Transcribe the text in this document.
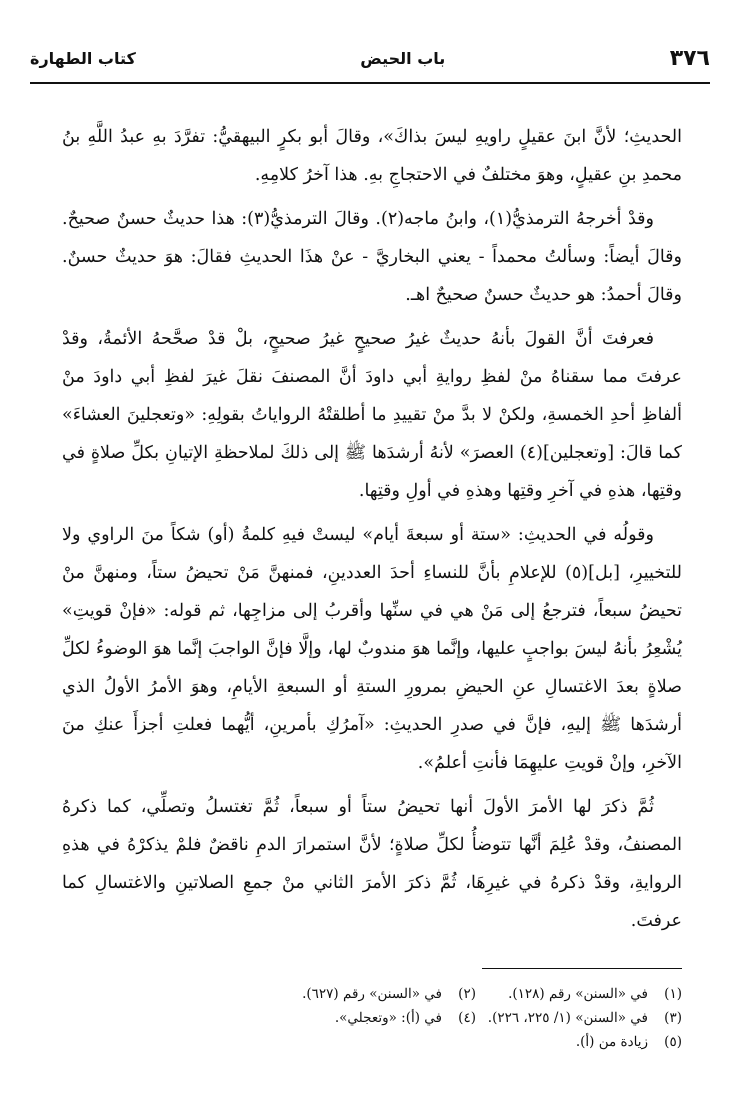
٣٧٦
باب الحيض
كتاب الطهارة

الحديثِ؛ لأنَّ ابنَ عقيلٍ راويهِ ليسَ بذاكَ»، وقالَ أبو بكرٍ البيهقيُّ: تفرَّدَ بهِ عبدُ اللَّهِ بنُ محمدِ بنِ عقيلٍ، وهوَ مختلفٌ في الاحتجاجِ بهِ. هذا آخرُ كلامِهِ.

وقدْ أخرجهُ الترمذيُّ(١)، وابنُ ماجه(٢). وقالَ الترمذيُّ(٣): هذا حديثٌ حسنٌ صحيحٌ. وقالَ أيضاً: وسألتُ محمداً - يعني البخاريَّ - عنْ هذَا الحديثِ فقالَ: هوَ حديثٌ حسنٌ. وقالَ أحمدُ: هو حديثٌ حسنٌ صحيحٌ اهـ.

فعرفتَ أنَّ القولَ بأنهُ حديثٌ غيرُ صحيحٍ غيرُ صحيحٍ، بلْ قدْ صحَّحهُ الأئمةُ، وقدْ عرفتَ مما سقناهُ منْ لفظِ روايةِ أبي داودَ أنَّ المصنفَ نقلَ غيرَ لفظِ أبي داودَ منْ ألفاظِ أحدِ الخمسةِ، ولكنْ لا بدَّ منْ تقييدِ ما أطلقتْهُ الرواياتُ بقولِهِ: «وتعجلينَ العشاءَ» كما قالَ: [وتعجلين](٤) العصرَ» لأنهُ أرشدَها ﷺ إلى ذلكَ لملاحظةِ الإتيانِ بكلِّ صلاةٍ في وقتِها، هذهِ في آخرِ وقتِها وهذهِ في أولِ وقتِها.

وقولُه في الحديثِ: «ستة أو سبعةَ أيام» ليستْ فيهِ كلمةُ (أو) شكاً منَ الراوي ولا للتخييرِ، [بل](٥) للإعلامِ بأنَّ للنساءِ أحدَ العددينِ، فمنهنَّ مَنْ تحيضُ ستاً، ومنهنَّ منْ تحيضُ سبعاً، فترجعُ إلى مَنْ هي في سنِّها وأقربُ إلى مزاجِها، ثم قوله: «فإنْ قويتِ» يُشْعِرُ بأنهُ ليسَ بواجبٍ عليها، وإنَّما هوَ مندوبٌ لها، وإلَّا فإنَّ الواجبَ إنَّما هوَ الوضوءُ لكلِّ صلاةٍ بعدَ الاغتسالِ عنِ الحيضِ بمرورِ الستةِ أو السبعةِ الأيامِ، وهوَ الأمرُ الأولُ الذي أرشدَها ﷺ إليهِ، فإنَّ في صدرِ الحديثِ: «آمرُكِ بأمرينِ، أيُّهما فعلتِ أجزأَ عنكِ منَ الآخرِ، وإنْ قويتِ عليهِمَا فأنتِ أعلمُ».

ثُمَّ ذكرَ لها الأمرَ الأولَ أنها تحيضُ ستاً أو سبعاً، ثُمَّ تغتسلُ وتصلِّي، كما ذكرهُ المصنفُ، وقدْ عُلِمَ أنَّها تتوضأُ لكلِّ صلاةٍ؛ لأنَّ استمرارَ الدمِ ناقضٌ فلمْ يذكرْهُ في هذهِ الروايةِ، وقدْ ذكرهُ في غيرِهَا، ثُمَّ ذكرَ الأمرَ الثاني منْ جمعِ الصلاتينِ والاغتسالِ كما عرفتَ.

(١)في «السنن» رقم (١٢٨).
(٢)في «السنن» رقم (٦٢٧).
(٣)في «السنن» (١/ ٢٢٥، ٢٢٦).
(٤)في (أ): «وتعجلي».
(٥)زيادة من (أ).
